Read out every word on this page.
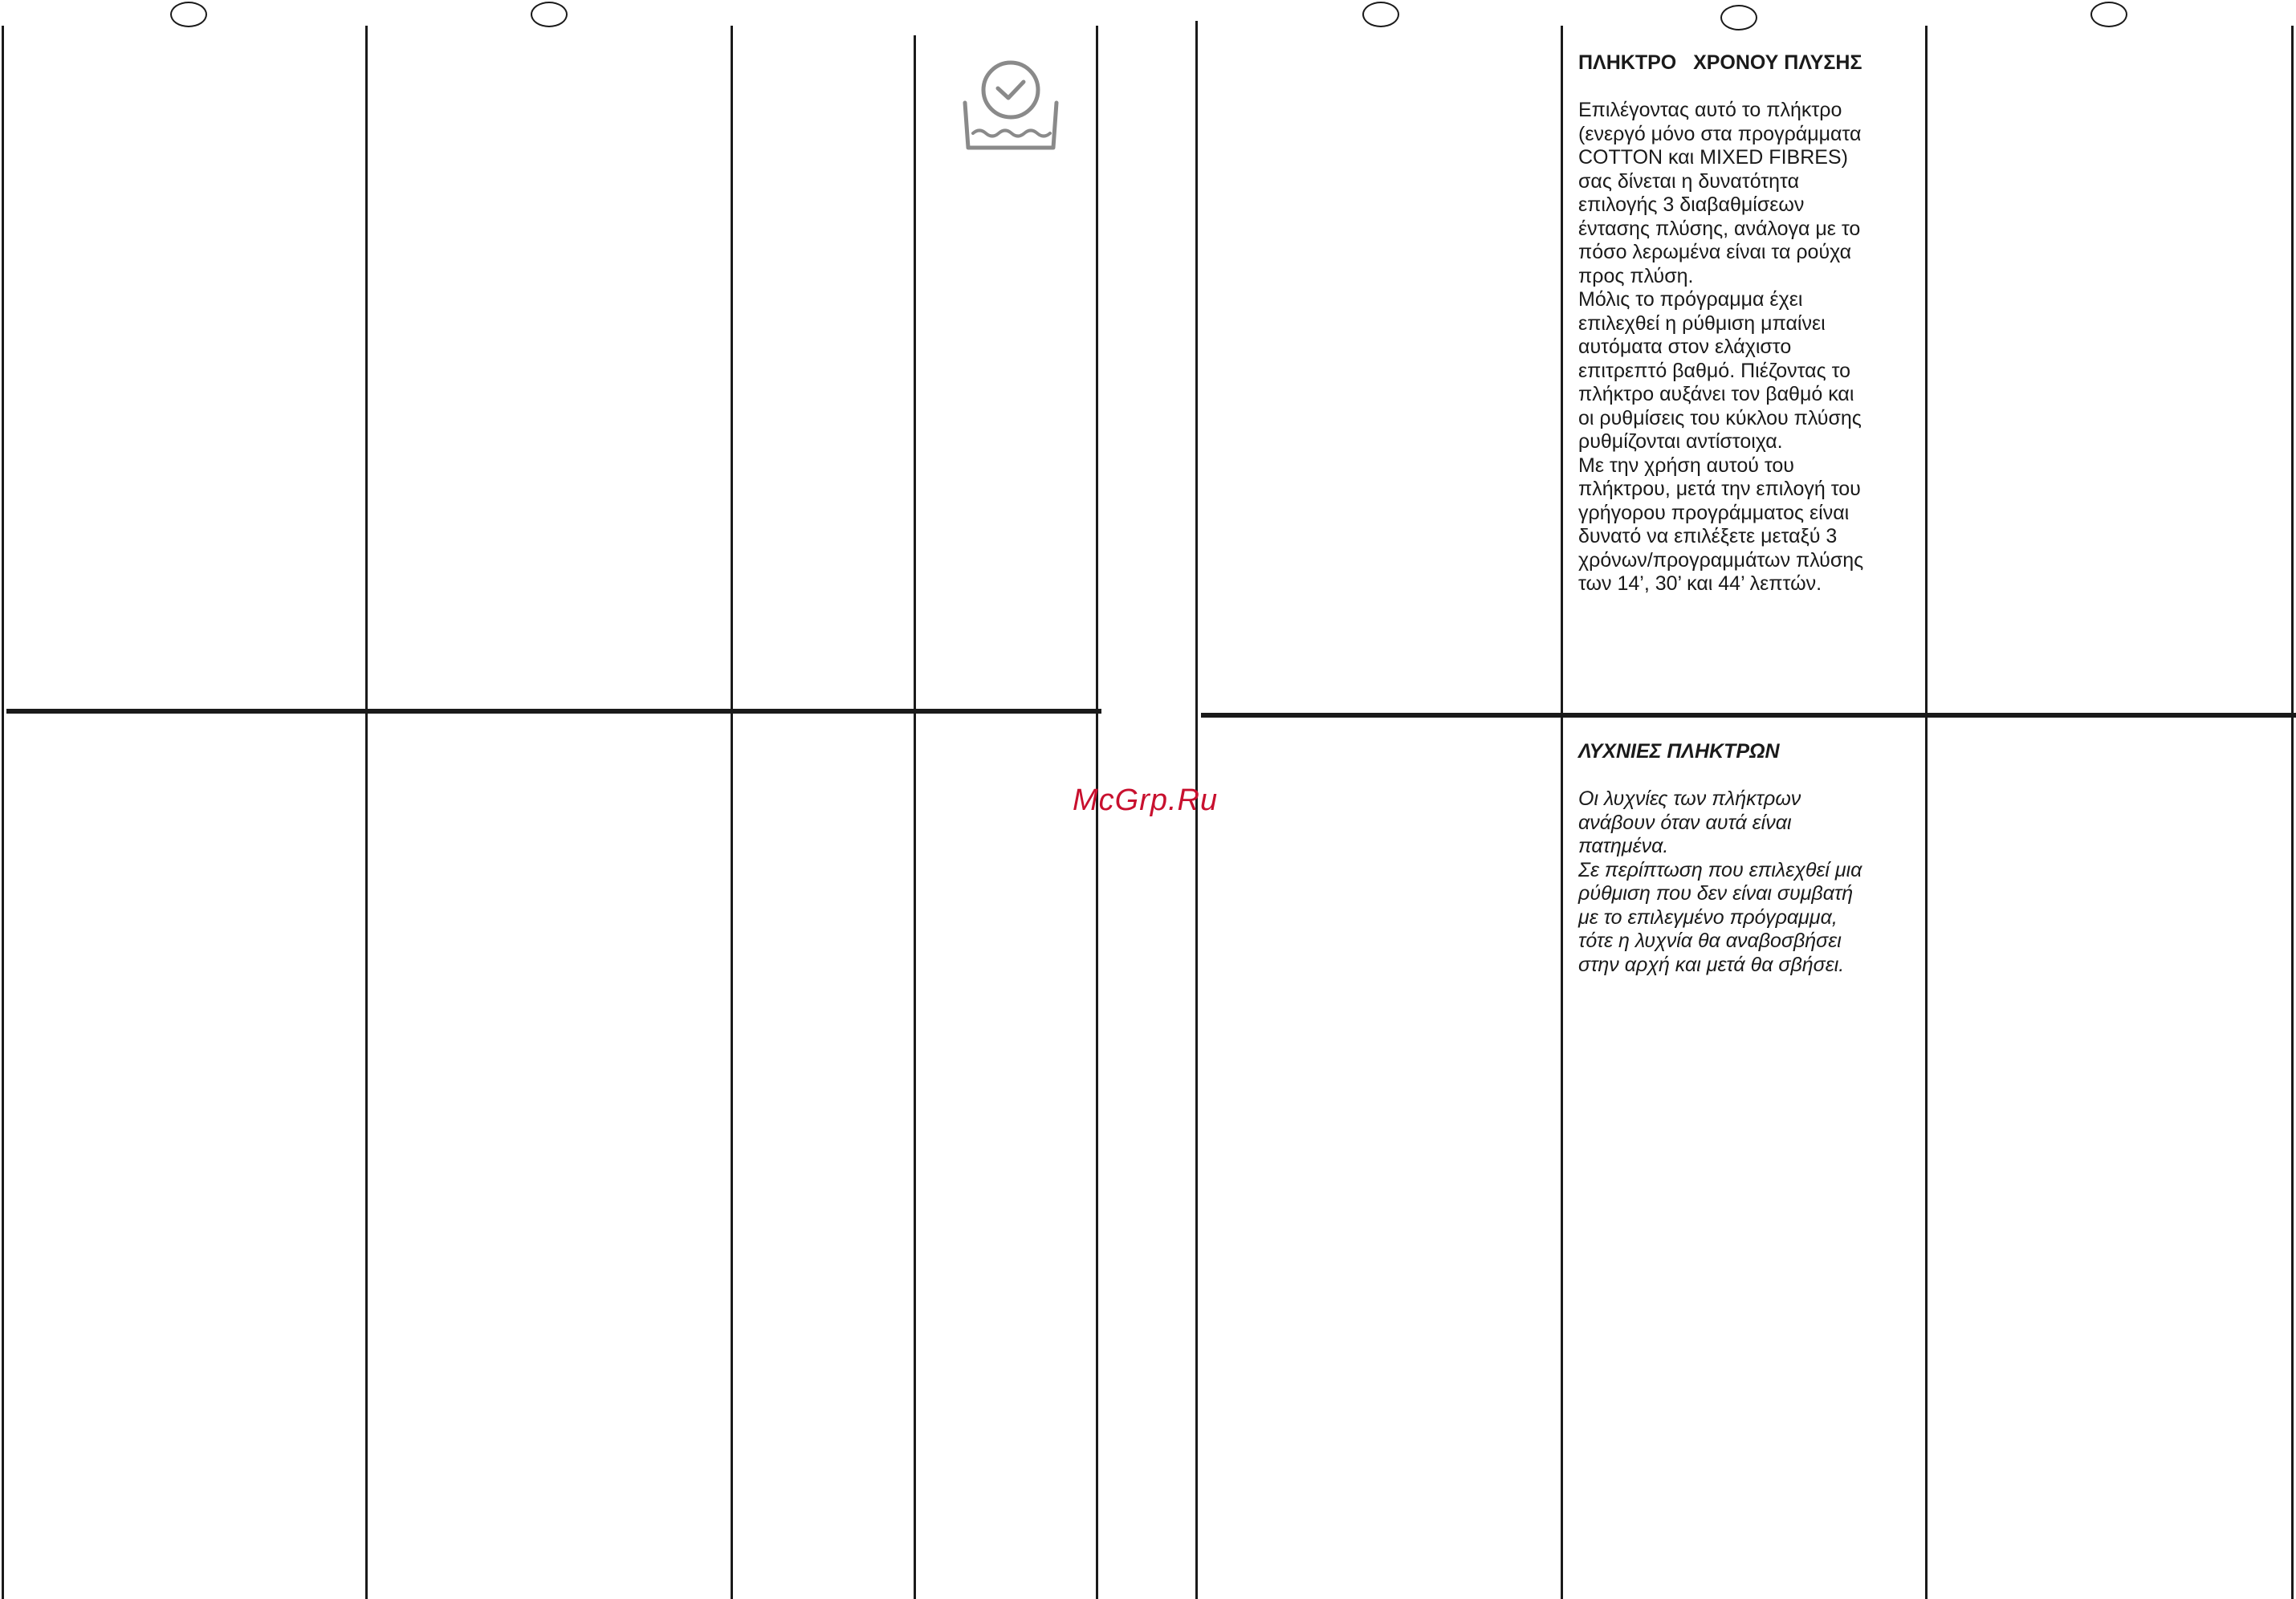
ΠΛΗΚΤΡΟ   ΧΡΟΝΟΥ ΠΛΥΣΗΣ
Επιλέγοντας αυτό το πλήκτρο
(ενεργό μόνο στα προγράμματα
COTTON και MIXED FIBRES)
σας δίνεται η δυνατότητα
επιλογής 3 διαβαθμίσεων
έντασης πλύσης, ανάλογα με το
πόσο λερωμένα είναι τα ρούχα
προς πλύση.
Μόλις το πρόγραμμα έχει
επιλεχθεί η ρύθμιση μπαίνει
αυτόματα στον ελάχιστο
επιτρεπτό βαθμό. Πιέζοντας το
πλήκτρο αυξάνει τον βαθμό και
οι ρυθμίσεις του κύκλου πλύσης
ρυθμίζονται αντίστοιχα.
Με την χρήση αυτού του
πλήκτρου, μετά την επιλογή του
γρήγορου προγράμματος είναι
δυνατό να επιλέξετε μεταξύ 3
χρόνων/προγραμμάτων πλύσης
των 14’, 30’ και 44’ λεπτών.
ΛΥΧΝΙΕΣ ΠΛΗΚΤΡΩΝ
Οι λυχνίες των πλήκτρων
ανάβουν όταν αυτά είναι
πατημένα.
Σε περίπτωση που επιλεχθεί μια
ρύθμιση που δεν είναι συμβατή
με το επιλεγμένο πρόγραμμα,
τότε η λυχνία θα αναβοσβήσει
στην αρχή και μετά θα σβήσει.
McGrp.Ru
